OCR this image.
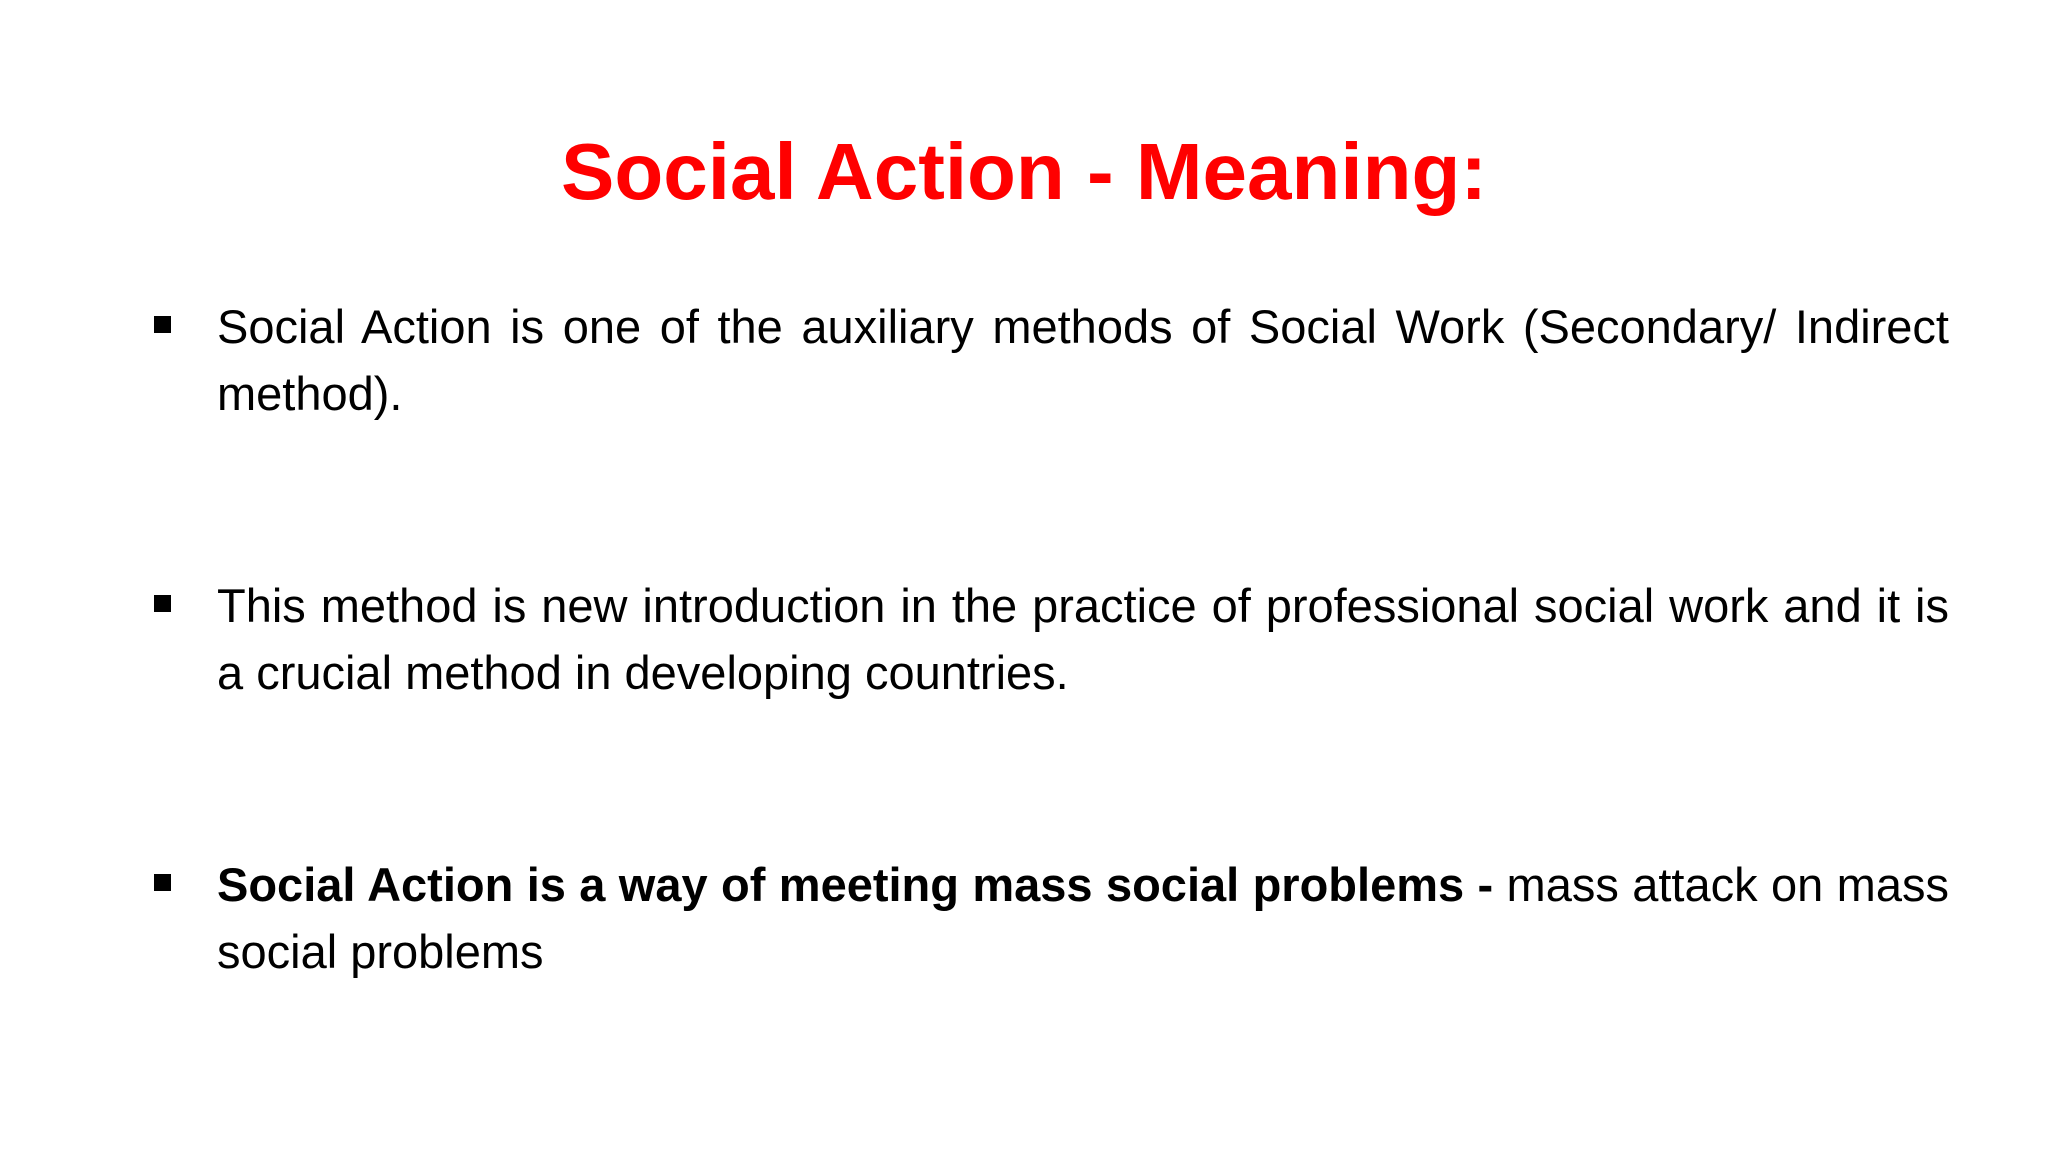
Social Action - Meaning:
Social Action is one of the auxiliary methods of Social Work (Secondary/ Indirect method).
This method is new introduction in the practice of professional social work and it is a crucial method in developing countries.
Social Action is a way of meeting mass social problems - mass attack on mass social problems
